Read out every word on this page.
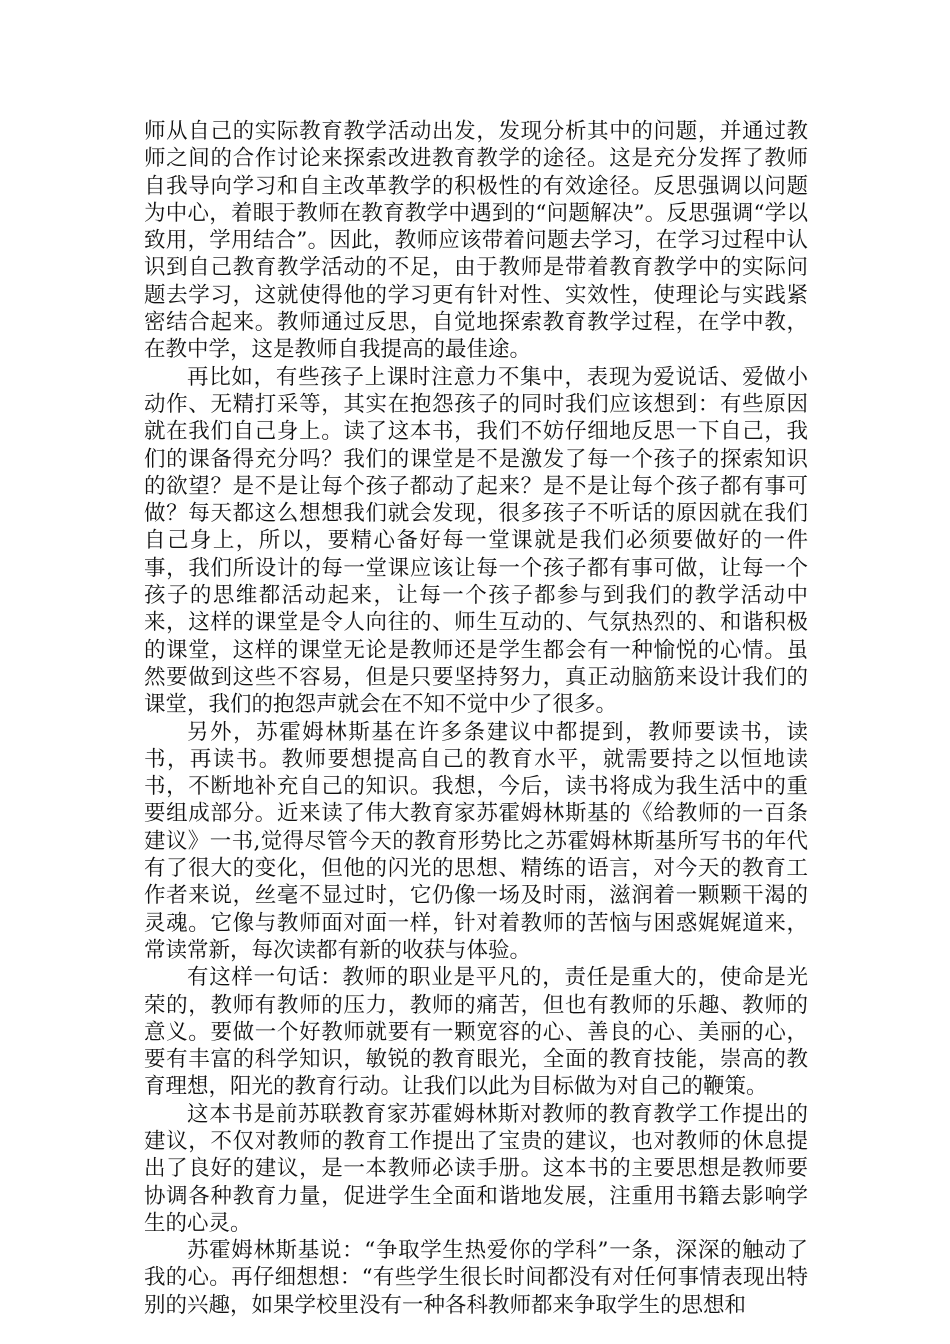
师从自己的实际教育教学活动出发，发现分析其中的问题，并通过教师之间的合作讨论来探索改进教育教学的途径。这是充分发挥了教师自我导向学习和自主改革教学的积极性的有效途径。反思强调以问题为中心，着眼于教师在教育教学中遇到的“问题解决”。反思强调“学以致用，学用结合”。因此，教师应该带着问题去学习，在学习过程中认识到自己教育教学活动的不足，由于教师是带着教育教学中的实际问题去学习，这就使得他的学习更有针对性、实效性，使理论与实践紧密结合起来。教师通过反思，自觉地探索教育教学过程，在学中教，在教中学，这是教师自我提高的最佳途。

再比如，有些孩子上课时注意力不集中，表现为爱说话、爱做小动作、无精打采等，其实在抱怨孩子的同时我们应该想到：有些原因就在我们自己身上。读了这本书，我们不妨仔细地反思一下自己，我们的课备得充分吗？我们的课堂是不是激发了每一个孩子的探索知识的欲望？是不是让每个孩子都动了起来？是不是让每个孩子都有事可做？每天都这么想想我们就会发现，很多孩子不听话的原因就在我们自己身上，所以，要精心备好每一堂课就是我们必须要做好的一件事，我们所设计的每一堂课应该让每一个孩子都有事可做，让每一个孩子的思维都活动起来，让每一个孩子都参与到我们的教学活动中来，这样的课堂是令人向往的、师生互动的、气氛热烈的、和谐积极的课堂，这样的课堂无论是教师还是学生都会有一种愉悦的心情。虽然要做到这些不容易，但是只要坚持努力，真正动脑筋来设计我们的课堂，我们的抱怨声就会在不知不觉中少了很多。

另外，苏霍姆林斯基在许多条建议中都提到，教师要读书，读书，再读书。教师要想提高自己的教育水平，就需要持之以恒地读书，不断地补充自己的知识。我想，今后，读书将成为我生活中的重要组成部分。近来读了伟大教育家苏霍姆林斯基的《给教师的一百条建议》一书,觉得尽管今天的教育形势比之苏霍姆林斯基所写书的年代有了很大的变化，但他的闪光的思想、精练的语言，对今天的教育工作者来说，丝毫不显过时，它仍像一场及时雨，滋润着一颗颗干渴的灵魂。它像与教师面对面一样，针对着教师的苦恼与困惑娓娓道来，常读常新，每次读都有新的收获与体验。

有这样一句话：教师的职业是平凡的，责任是重大的，使命是光荣的，教师有教师的压力，教师的痛苦，但也有教师的乐趣、教师的意义。要做一个好教师就要有一颗宽容的心、善良的心、美丽的心，要有丰富的科学知识，敏锐的教育眼光，全面的教育技能，崇高的教育理想，阳光的教育行动。让我们以此为目标做为对自己的鞭策。

这本书是前苏联教育家苏霍姆林斯对教师的教育教学工作提出的建议，不仅对教师的教育工作提出了宝贵的建议，也对教师的休息提出了良好的建议，是一本教师必读手册。这本书的主要思想是教师要协调各种教育力量，促进学生全面和谐地发展，注重用书籍去影响学生的心灵。

苏霍姆林斯基说：“争取学生热爱你的学科”一条，深深的触动了我的心。再仔细想想：“有些学生很长时间都没有对任何事情表现出特别的兴趣，如果学校里没有一种各科教师都来争取学生的思想和
